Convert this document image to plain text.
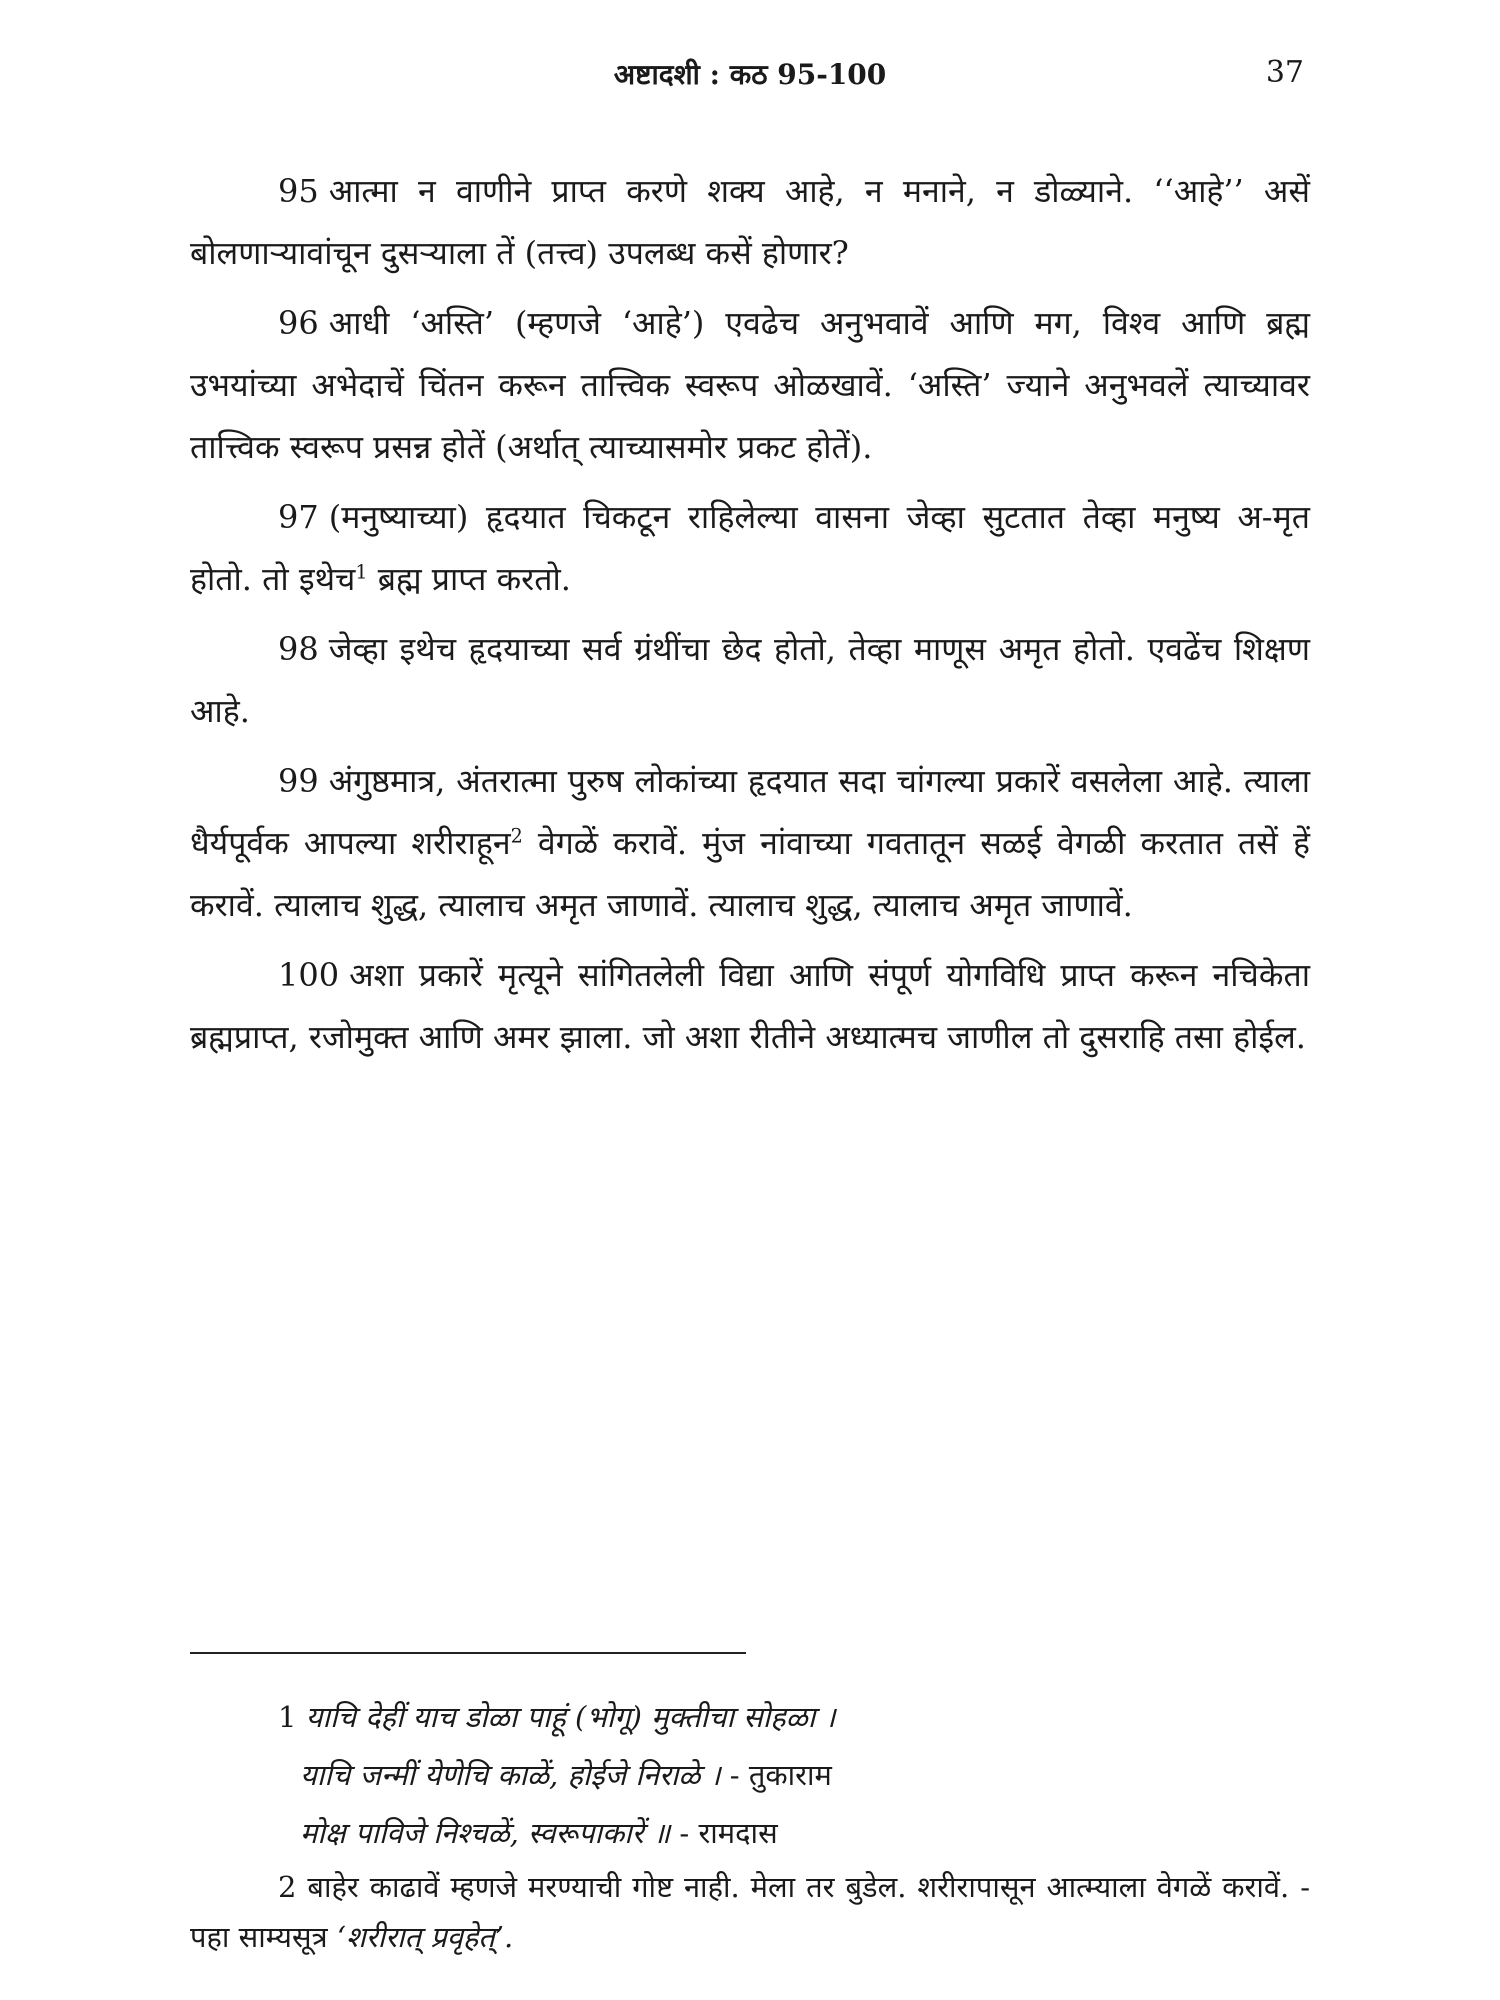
अष्टादशी : कठ 95-100	37

95 आत्मा न वाणीने प्राप्त करणे शक्य आहे, न मनाने, न डोळ्याने. ‘‘आहे’’ असें बोलणाऱ्यावांचून दुसऱ्याला तें (तत्त्व) उपलब्ध कसें होणार?

96 आधी ‘अस्ति’ (म्हणजे ‘आहे’) एवढेच अनुभवावें आणि मग, विश्व आणि ब्रह्म उभयांच्या अभेदाचें चिंतन करून तात्त्विक स्वरूप ओळखावें. ‘अस्ति’ ज्याने अनुभवलें त्याच्यावर तात्त्विक स्वरूप प्रसन्न होतें (अर्थात् त्याच्यासमोर प्रकट होतें).

97 (मनुष्याच्या) हृदयात चिकटून राहिलेल्या वासना जेव्हा सुटतात तेव्हा मनुष्य अ-मृत होतो. तो इथेच$^1$ ब्रह्म प्राप्त करतो.

98 जेव्हा इथेच हृदयाच्या सर्व ग्रंथींचा छेद होतो, तेव्हा माणूस अमृत होतो. एवढेंच शिक्षण आहे.

99 अंगुष्ठमात्र, अंतरात्मा पुरुष लोकांच्या हृदयात सदा चांगल्या प्रकारें वसलेला आहे. त्याला धैर्यपूर्वक आपल्या शरीराहून$^2$ वेगळें करावें. मुंज नांवाच्या गवतातून सळई वेगळी करतात तसें हें करावें. त्यालाच शुद्ध, त्यालाच अमृत जाणावें. त्यालाच शुद्ध, त्यालाच अमृत जाणावें.

100 अशा प्रकारें मृत्यूने सांगितलेली विद्या आणि संपूर्ण योगविधि प्राप्त करून नचिकेता ब्रह्मप्राप्त, रजोमुक्त आणि अमर झाला. जो अशा रीतीने अध्यात्मच जाणील तो दुसराहि तसा होईल.

1 याचि देहीं याच डोळा पाहूं (भोगू) मुक्तीचा सोहळा ।
याचि जन्मीं येणेचि काळें, होईजे निराळे । - तुकाराम
मोक्ष पाविजे निश्चळें, स्वरूपाकारें ॥ - रामदास

2 बाहेर काढावें म्हणजे मरण्याची गोष्ट नाही. मेला तर बुडेल. शरीरापासून आत्म्याला वेगळें करावें. - पहा साम्यसूत्र ‘शरीरात् प्रवृहेत्’.
